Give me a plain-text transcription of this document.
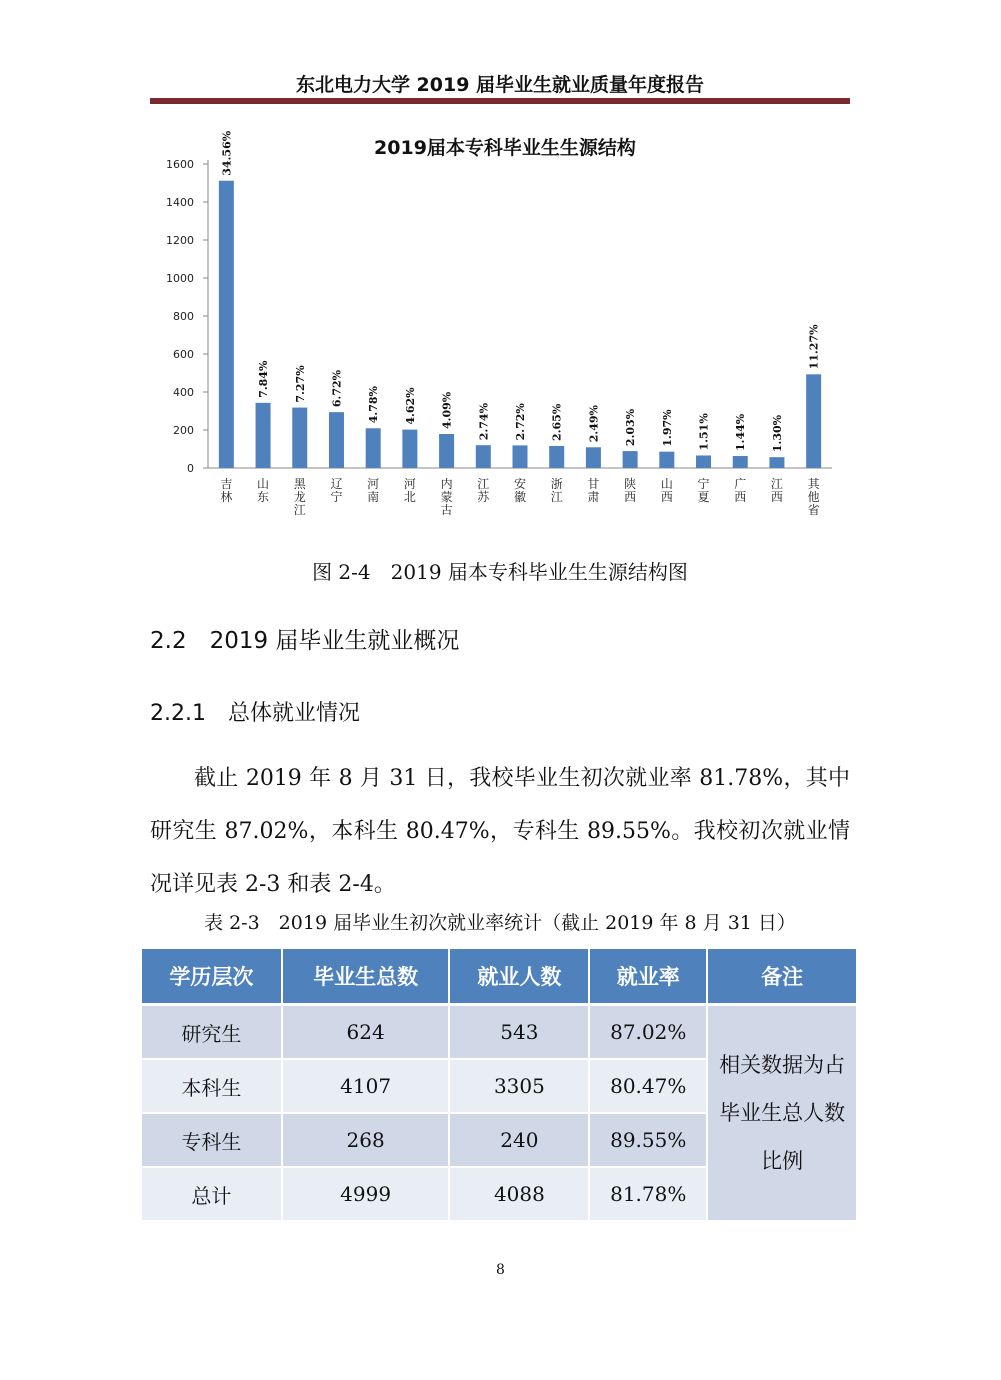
东北电力大学 2019 届毕业生就业质量年度报告
2019届本专科毕业生生源结构
0
200
400
600
800
1000
1200
1400
1600 34.56%
吉林
7.84%
山东
7.27%
黑龙江
6.72%
辽宁
4.78%
河南
4.62%
河北
4.09%
内蒙古
2.74%
江苏
2.72%
安徽
2.65%
浙江
2.49%
甘肃
2.03%
陕西
1.97%
山西
1.51%
宁夏
1.44%
广西
1.30%
江西
11.27%
其他省
图 2-4　2019 届本专科毕业生生源结构图
2.2　2019 届毕业生就业概况
2.2.1　总体就业情况

截止 2019 年 8 月 31 日，我校毕业生初次就业率 81.78%，其中研究生 87.02%，本科生 80.47%，专科生 89.55%。我校初次就业情况详见表 2-3 和表 2-4。

表 2-3　2019 届毕业生初次就业率统计（截止 2019 年 8 月 31 日）
学历层次	毕业生总数	就业人数	就业率	备注
研究生	624	543	87.02%	相关数据为占毕业生总人数比例
本科生	4107	3305	80.47%	
专科生	268	240	89.55%	
总计	4999	4088	81.78%	
8
